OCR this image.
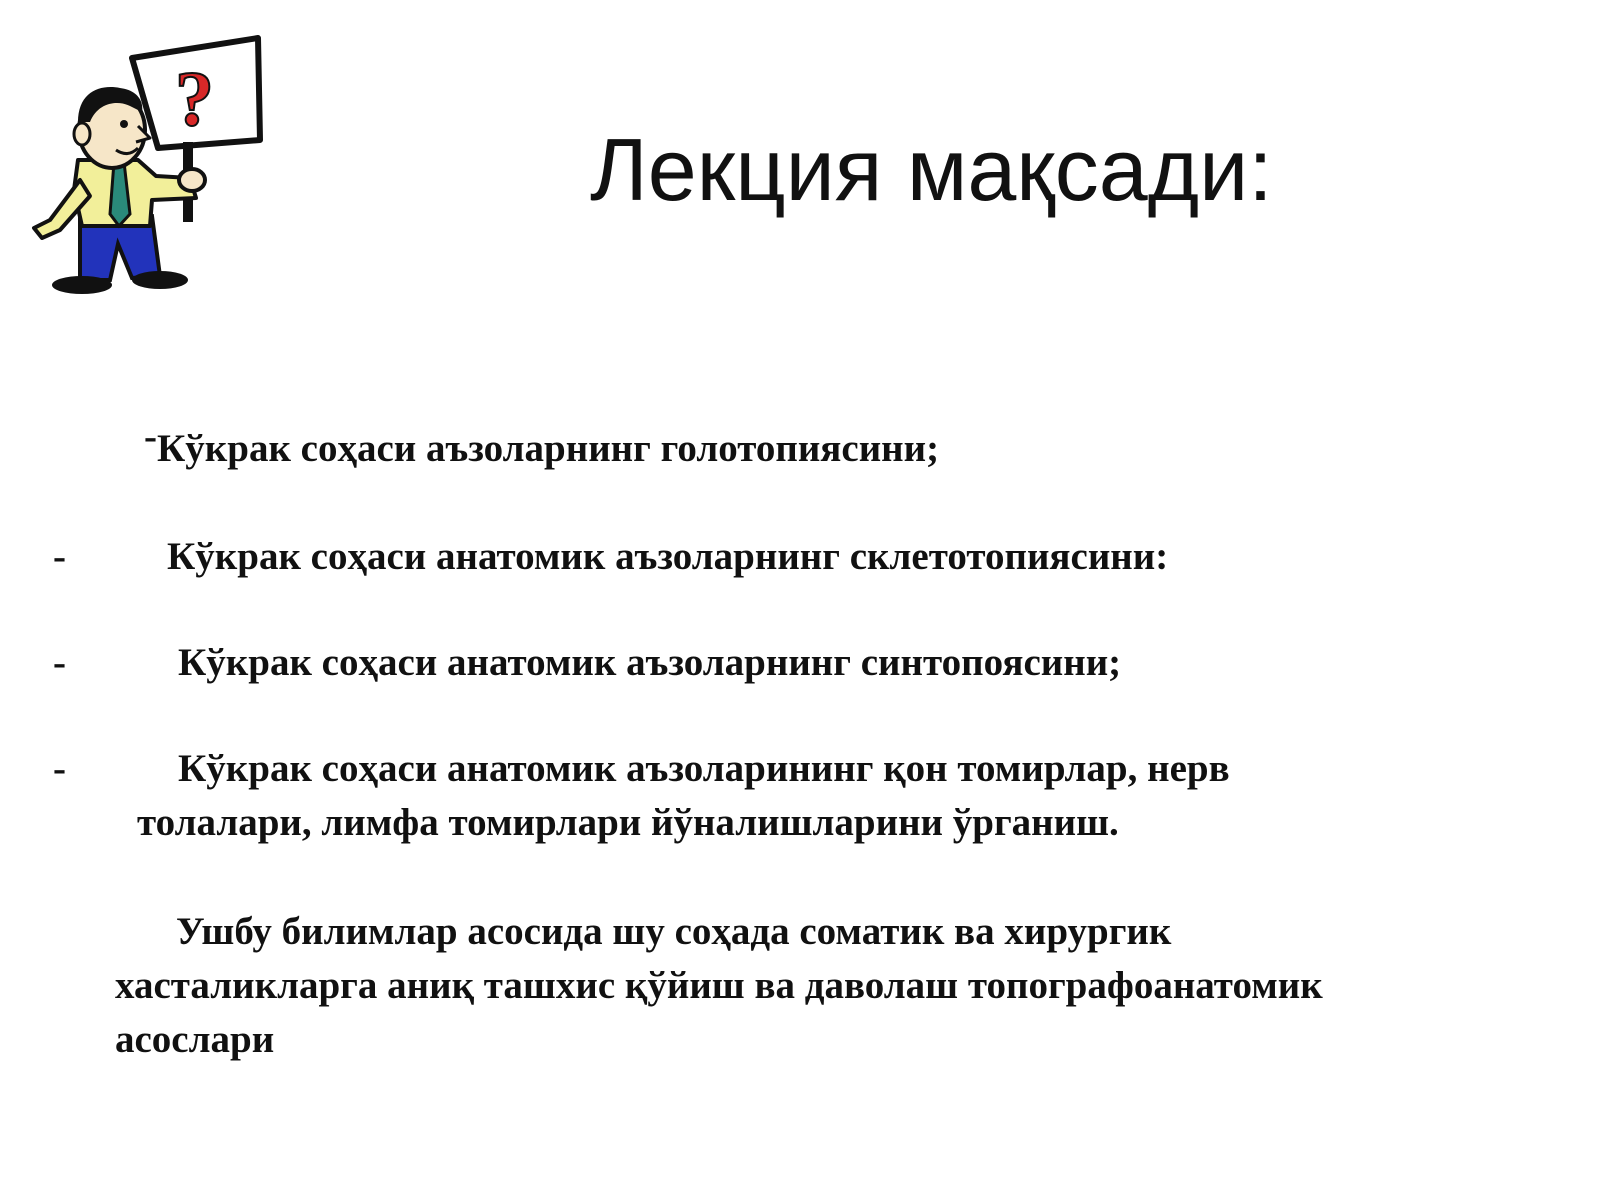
?
Лекция мақсади:

- Кўкрак соҳаси аъзоларнинг голотопиясини;

-	Кўкрак соҳаси анатомик аъзоларнинг склетотопиясини:

-	Кўкрак соҳаси анатомик аъзоларнинг синтопоясини;

-	Кўкрак соҳаси анатомик аъзоларининг қон томирлар, нерв

толалари, лимфа томирлари йўналишларини ўрганиш.

Ушбу билимлар асосида шу соҳада соматик ва хирургик
хасталикларга аниқ ташхис қўйиш ва даволаш топографоанатомик
асослари
